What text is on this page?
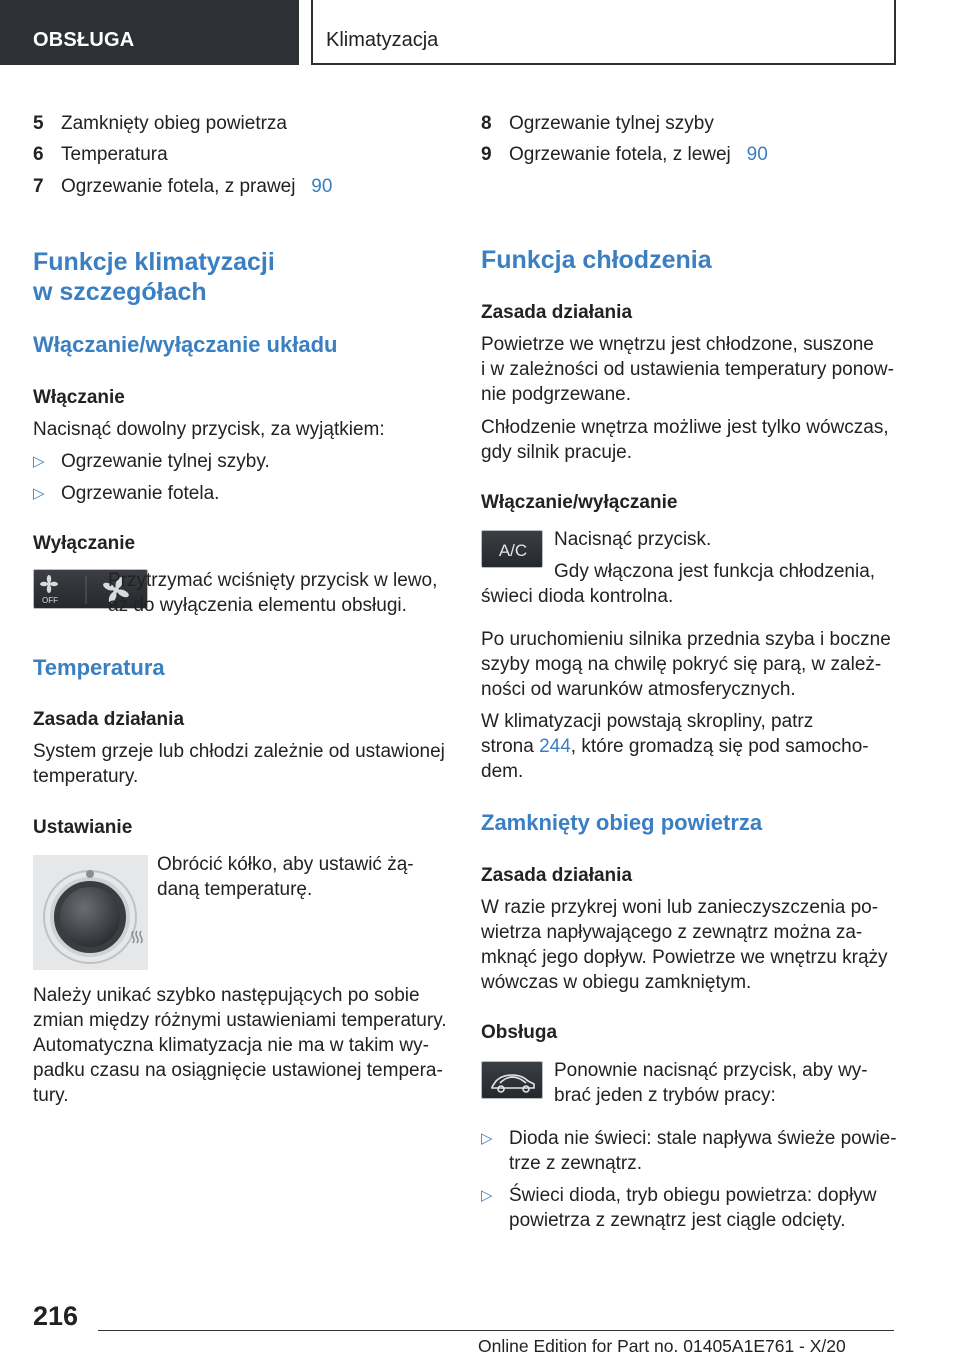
OBSŁUGA	Klimatyzacja
5 Zamknięty obieg powietrza
6 Temperatura
7 Ogrzewanie fotela, z prawej 90
Funkcje klimatyzacji
w szczegółach
Włączanie/wyłączanie układu
Włączanie
Nacisnąć dowolny przycisk, za wyjątkiem:
▷ Ogrzewanie tylnej szyby.
▷ Ogrzewanie fotela.
Wyłączanie
OFF
Przytrzymać wciśnięty przycisk w lewo,
aż do wyłączenia elementu obsługi.
Temperatura
Zasada działania
System grzeje lub chłodzi zależnie od ustawionej
temperatury.
Ustawianie
Obrócić kółko, aby ustawić żą-
daną temperaturę.
Należy unikać szybko następujących po sobie
zmian między różnymi ustawieniami temperatury.
Automatyczna klimatyzacja nie ma w takim wy-
padku czasu na osiągnięcie ustawionej tempera-
tury.
8 Ogrzewanie tylnej szyby
9 Ogrzewanie fotela, z lewej 90
Funkcja chłodzenia
Zasada działania
Powietrze we wnętrzu jest chłodzone, suszone
i w zależności od ustawienia temperatury ponow-
nie podgrzewane.
Chłodzenie wnętrza możliwe jest tylko wówczas,
gdy silnik pracuje.
Włączanie/wyłączanie
A/C
Nacisnąć przycisk.
Gdy włączona jest funkcja chłodzenia,
świeci dioda kontrolna.
Po uruchomieniu silnika przednia szyba i boczne
szyby mogą na chwilę pokryć się parą, w zależ-
ności od warunków atmosferycznych.
W klimatyzacji powstają skropliny, patrz
strona 244, które gromadzą się pod samocho-
dem.
Zamknięty obieg powietrza
Zasada działania
W razie przykrej woni lub zanieczyszczenia po-
wietrza napływającego z zewnątrz można za-
mknąć jego dopływ. Powietrze we wnętrzu krąży
wówczas w obiegu zamkniętym.
Obsługa
Ponownie nacisnąć przycisk, aby wy-
brać jeden z trybów pracy:
▷ Dioda nie świeci: stale napływa świeże powie-
trze z zewnątrz.
▷ Świeci dioda, tryb obiegu powietrza: dopływ
powietrza z zewnątrz jest ciągle odcięty.
216
Online Edition for Part no. 01405A1E761 - X/20
